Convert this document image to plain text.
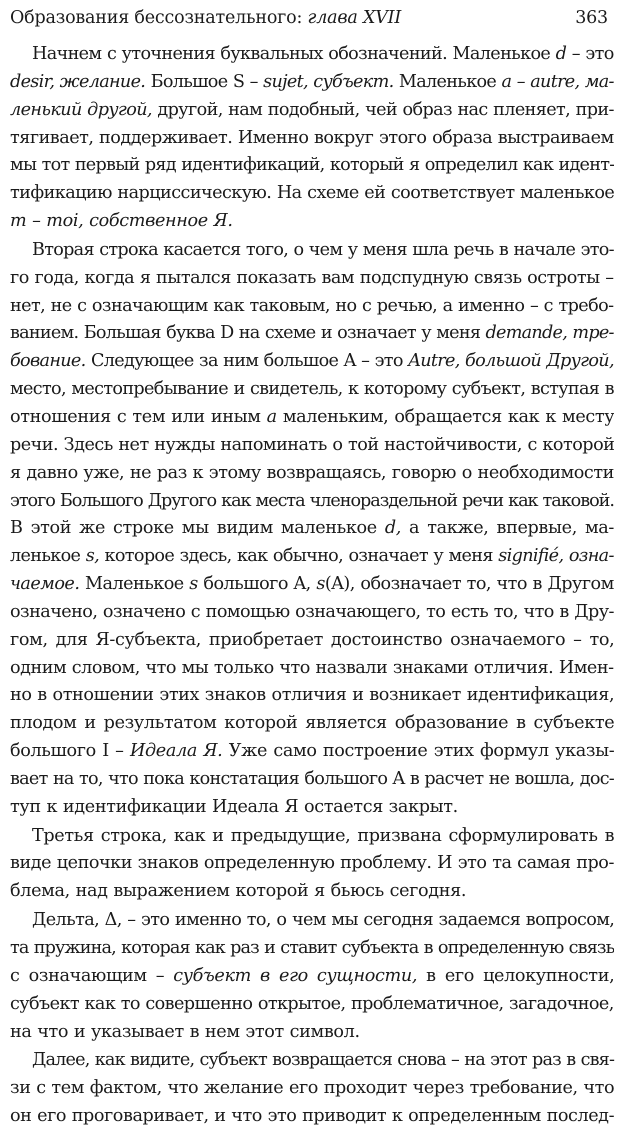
Образования бессознательного: глава XVII	363
Начнем с уточнения буквальных обозначений. Маленькое d – это
desir, желание. Большое S – sujet, субъект. Маленькое a – autre, ма-
ленький другой, другой, нам подобный, чей образ нас пленяет, при-
тягивает, поддерживает. Именно вокруг этого образа выстраиваем
мы тот первый ряд идентификаций, который я определил как идент-
тификацию нарциссическую. На схеме ей соответствует маленькое
m – moi, собственное Я.
Вторая строка касается того, о чем у меня шла речь в начале это-
го года, когда я пытался показать вам подспудную связь остроты –
нет, не с означающим как таковым, но с речью, а именно – с требо-
ванием. Большая буква D на схеме и означает у меня demande, тре-
бование. Следующее за ним большое A – это Autre, большой Другой,
место, местопребывание и свидетель, к которому субъект, вступая в
отношения с тем или иным a маленьким, обращается как к месту
речи. Здесь нет нужды напоминать о той настойчивости, с которой
я давно уже, не раз к этому возвращаясь, говорю о необходимости
этого Большого Другого как места членораздельной речи как таковой.
В этой же строке мы видим маленькое d, а также, впервые, ма-
ленькое s, которое здесь, как обычно, означает у меня signifié, озна-
чаемое. Маленькое s большого A, s(A), обозначает то, что в Другом
означено, означено с помощью означающего, то есть то, что в Дру-
гом, для Я-субъекта, приобретает достоинство означаемого – то,
одним словом, что мы только что назвали знаками отличия. Имен-
но в отношении этих знаков отличия и возникает идентификация,
плодом и результатом которой является образование в субъекте
большого I – Идеала Я. Уже само построение этих формул указы-
вает на то, что пока констатация большого A в расчет не вошла, дос-
туп к идентификации Идеала Я остается закрыт.
Третья строка, как и предыдущие, призвана сформулировать в
виде цепочки знаков определенную проблему. И это та самая про-
блема, над выражением которой я бьюсь сегодня.
Дельта, Δ, – это именно то, о чем мы сегодня задаемся вопросом,
та пружина, которая как раз и ставит субъекта в определенную связь
с означающим – субъект в его сущности, в его целокупности,
субъект как то совершенно открытое, проблематичное, загадочное,
на что и указывает в нем этот символ.
Далее, как видите, субъект возвращается снова – на этот раз в свя-
зи с тем фактом, что желание его проходит через требование, что
он его проговаривает, и что это приводит к определенным послед-
